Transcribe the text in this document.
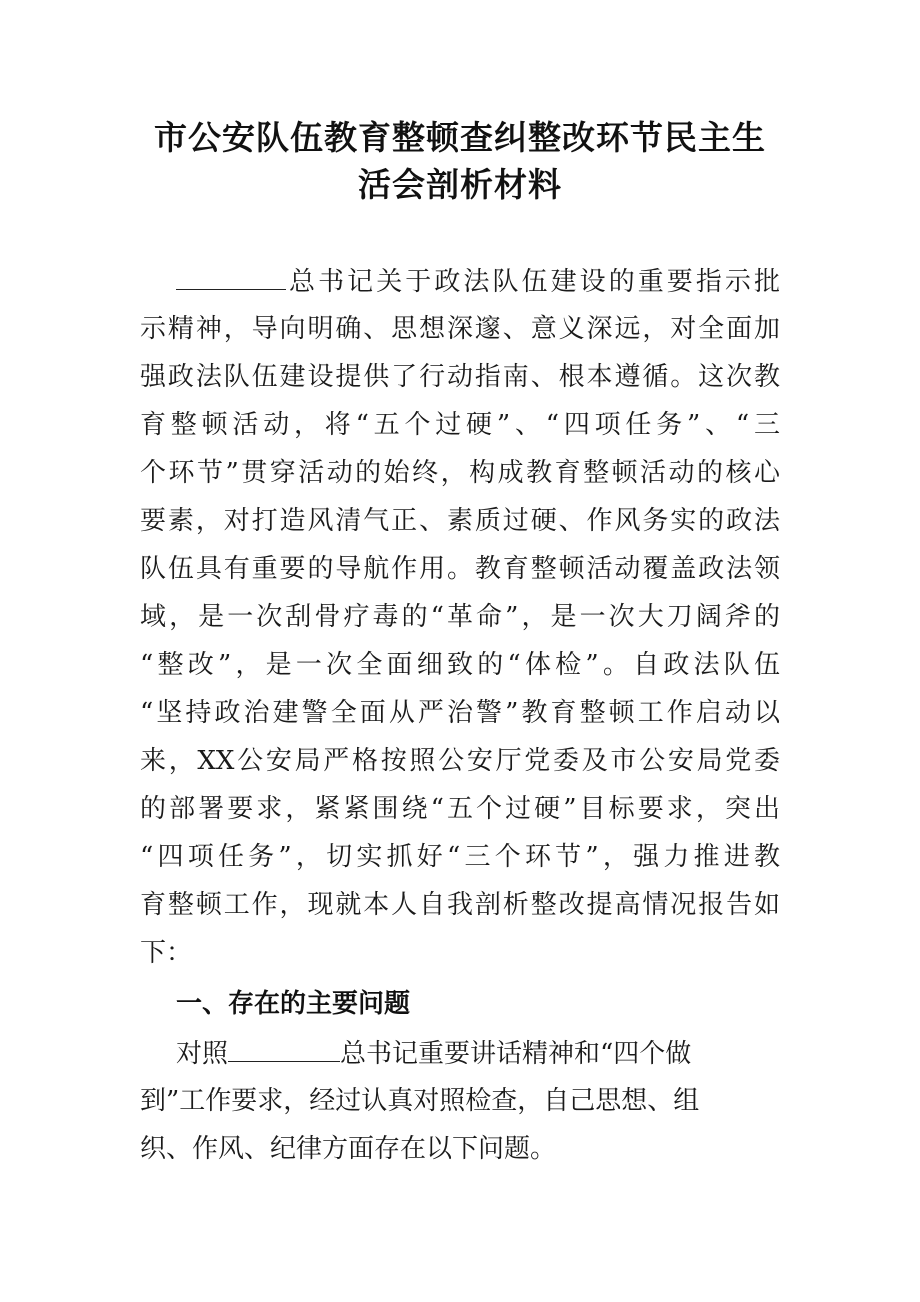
市公安队伍教育整顿查纠整改环节民主生
活会剖析材料
总书记关于政法队伍建设的重要指示批
示精神，导向明确、思想深邃、意义深远，对全面加
强政法队伍建设提供了行动指南、根本遵循。这次教
育整顿活动，将“五个过硬”、“四项任务”、“三
个环节”贯穿活动的始终，构成教育整顿活动的核心
要素，对打造风清气正、素质过硬、作风务实的政法
队伍具有重要的导航作用。教育整顿活动覆盖政法领
域，是一次刮骨疗毒的“革命”，是一次大刀阔斧的
“整改”，是一次全面细致的“体检”。自政法队伍
“坚持政治建警全面从严治警”教育整顿工作启动以
来，XX公安局严格按照公安厅党委及市公安局党委
的部署要求，紧紧围绕“五个过硬”目标要求，突出
“四项任务”，切实抓好“三个环节”，强力推进教
育整顿工作，现就本人自我剖析整改提高情况报告如
下：
一、存在的主要问题
对照	总书记重要讲话精神和“四个做
到”工作要求，经过认真对照检查，自己思想、组
织、作风、纪律方面存在以下问题。
